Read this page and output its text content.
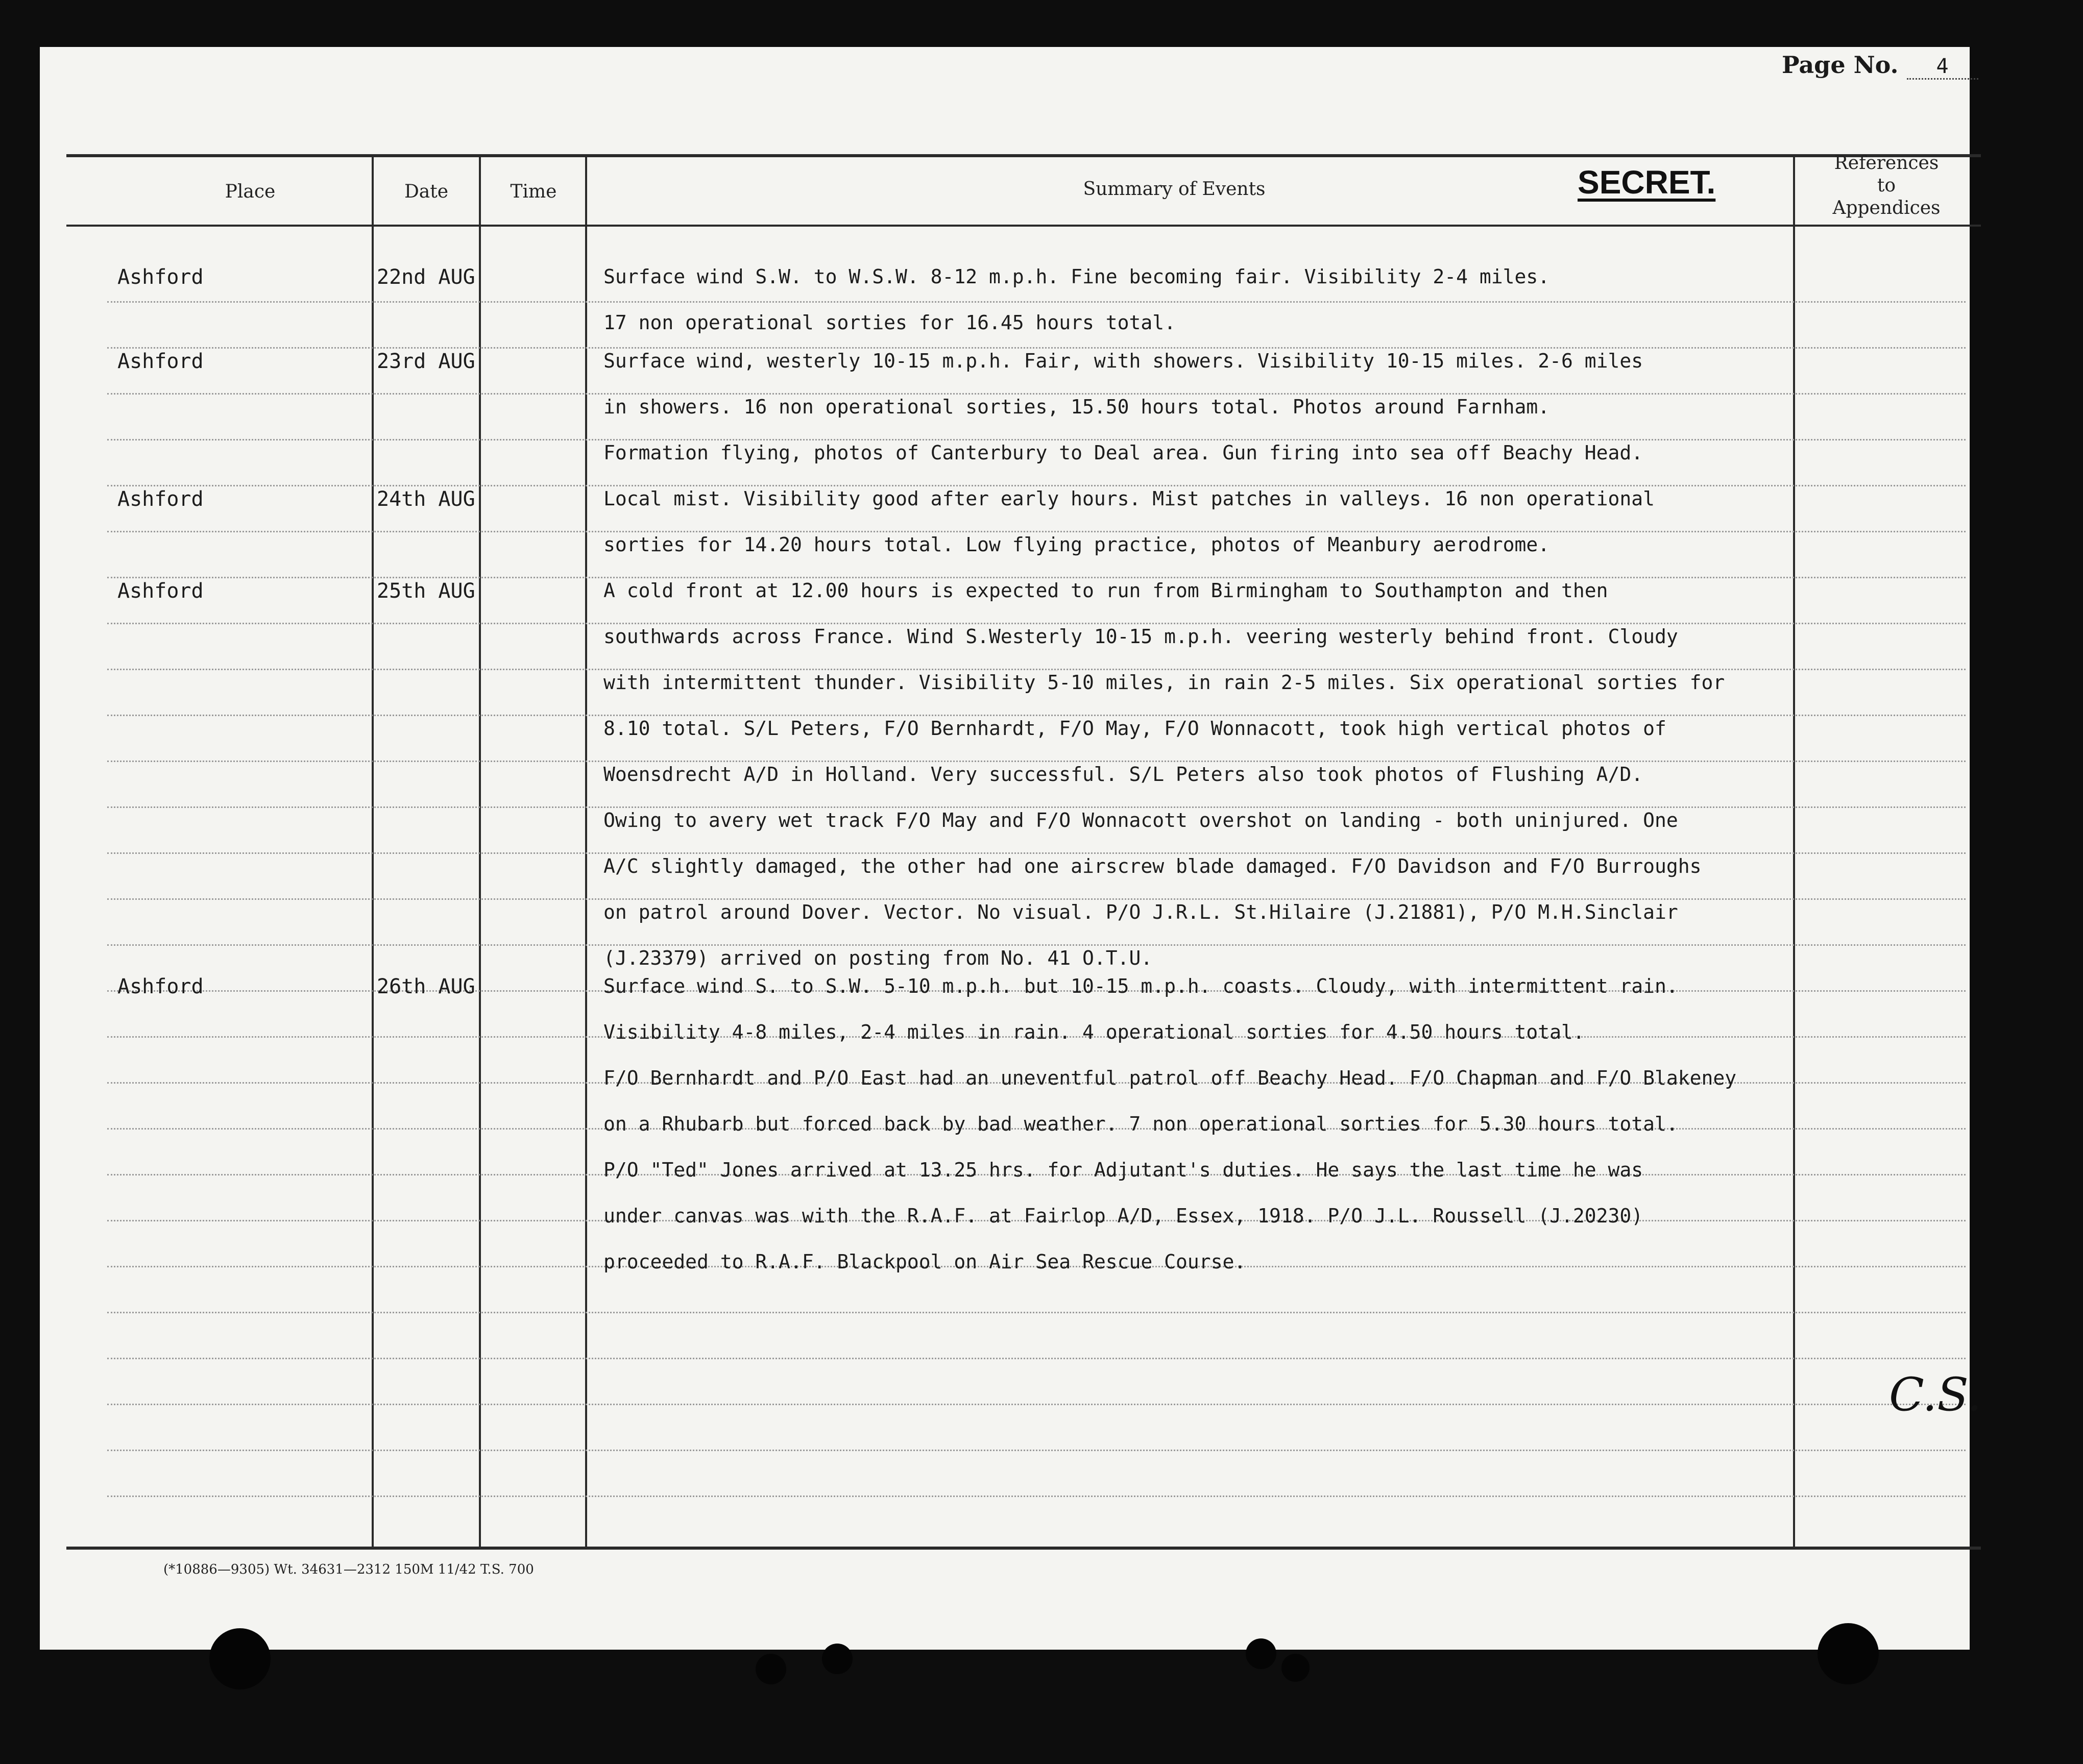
Page No. 4
Place	Date	Time	Summary of Events	SECRET.
References
to
Appendices
Ashford	22nd AUG	Surface wind S.W. to W.S.W. 8-12 m.p.h. Fine becoming fair. Visibility 2-4 miles.
17 non operational sorties for 16.45 hours total.
Ashford	23rd AUG	Surface wind, westerly 10-15 m.p.h. Fair, with showers. Visibility 10-15 miles. 2-6 miles
in showers. 16 non operational sorties, 15.50 hours total. Photos around Farnham.
Formation flying, photos of Canterbury to Deal area. Gun firing into sea off Beachy Head.
Ashford	24th AUG	Local mist. Visibility good after early hours. Mist patches in valleys. 16 non operational
sorties for 14.20 hours total. Low flying practice, photos of Meanbury aerodrome.
Ashford	25th AUG	A cold front at 12.00 hours is expected to run from Birmingham to Southampton and then
southwards across France. Wind S.Westerly 10-15 m.p.h. veering westerly behind front. Cloudy
with intermittent thunder. Visibility 5-10 miles, in rain 2-5 miles. Six operational sorties for
8.10 total. S/L Peters, F/O Bernhardt, F/O May, F/O Wonnacott, took high vertical photos of
Woensdrecht A/D in Holland. Very successful. S/L Peters also took photos of Flushing A/D.
Owing to avery wet track F/O May and F/O Wonnacott overshot on landing - both uninjured. One
A/C slightly damaged, the other had one airscrew blade damaged. F/O Davidson and F/O Burroughs
on patrol around Dover. Vector. No visual. P/O J.R.L. St.Hilaire (J.21881), P/O M.H.Sinclair
(J.23379) arrived on posting from No. 41 O.T.U.
Ashford	26th AUG	Surface wind S. to S.W. 5-10 m.p.h. but 10-15 m.p.h. coasts. Cloudy, with intermittent rain.
Visibility 4-8 miles, 2-4 miles in rain. 4 operational sorties for 4.50 hours total.
F/O Bernhardt and P/O East had an uneventful patrol off Beachy Head. F/O Chapman and F/O Blakeney
on a Rhubarb but forced back by bad weather. 7 non operational sorties for 5.30 hours total.
P/O "Ted" Jones arrived at 13.25 hrs. for Adjutant's duties. He says the last time he was
under canvas was with the R.A.F. at Fairlop A/D, Essex, 1918. P/O J.L. Roussell (J.20230)
proceeded to R.A.F. Blackpool on Air Sea Rescue Course.
C.S.
(*10886—9305) Wt. 34631—2312 150M 11/42 T.S. 700
